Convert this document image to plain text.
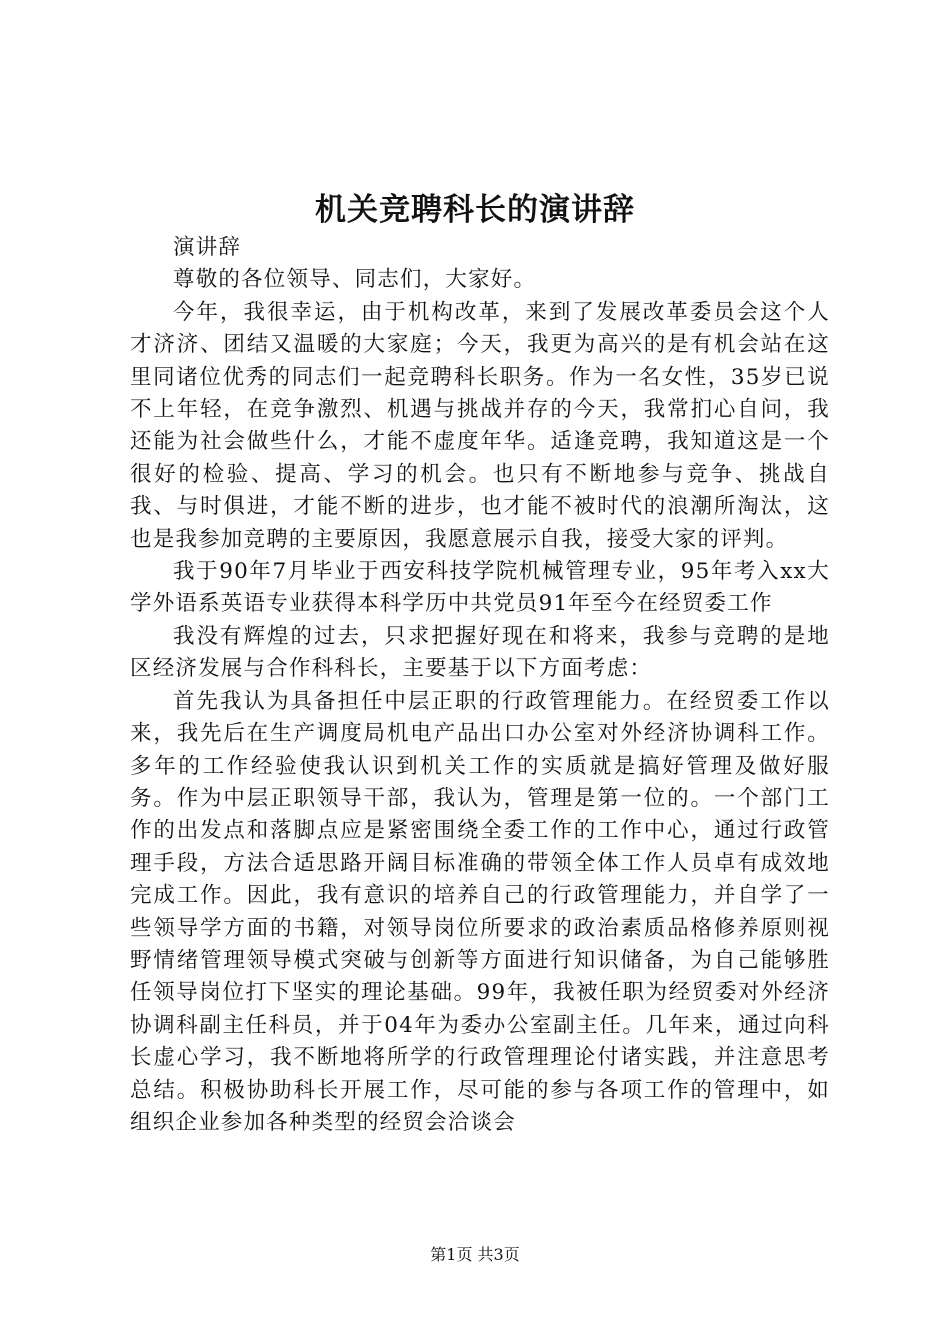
机关竞聘科长的演讲辞

演讲辞

尊敬的各位领导、同志们，大家好。

今年，我很幸运，由于机构改革，来到了发展改革委员会这个人才济济、团结又温暖的大家庭；今天，我更为高兴的是有机会站在这里同诸位优秀的同志们一起竞聘科长职务。作为一名女性，35岁已说不上年轻，在竞争激烈、机遇与挑战并存的今天，我常扪心自问，我还能为社会做些什么，才能不虚度年华。适逢竞聘，我知道这是一个很好的检验、提高、学习的机会。也只有不断地参与竞争、挑战自我、与时俱进，才能不断的进步，也才能不被时代的浪潮所淘汰，这也是我参加竞聘的主要原因，我愿意展示自我，接受大家的评判。

我于90年7月毕业于西安科技学院机械管理专业，95年考入xx大学外语系英语专业获得本科学历中共党员91年至今在经贸委工作

我没有辉煌的过去，只求把握好现在和将来，我参与竞聘的是地区经济发展与合作科科长，主要基于以下方面考虑：

首先我认为具备担任中层正职的行政管理能力。在经贸委工作以来，我先后在生产调度局机电产品出口办公室对外经济协调科工作。多年的工作经验使我认识到机关工作的实质就是搞好管理及做好服务。作为中层正职领导干部，我认为，管理是第一位的。一个部门工作的出发点和落脚点应是紧密围绕全委工作的工作中心，通过行政管理手段，方法合适思路开阔目标准确的带领全体工作人员卓有成效地完成工作。因此，我有意识的培养自己的行政管理能力，并自学了一些领导学方面的书籍，对领导岗位所要求的政治素质品格修养原则视野情绪管理领导模式突破与创新等方面进行知识储备，为自己能够胜任领导岗位打下坚实的理论基础。99年，我被任职为经贸委对外经济协调科副主任科员，并于04年为委办公室副主任。几年来，通过向科长虚心学习，我不断地将所学的行政管理理论付诸实践，并注意思考总结。积极协助科长开展工作，尽可能的参与各项工作的管理中，如组织企业参加各种类型的经贸会洽谈会

第1页 共3页
